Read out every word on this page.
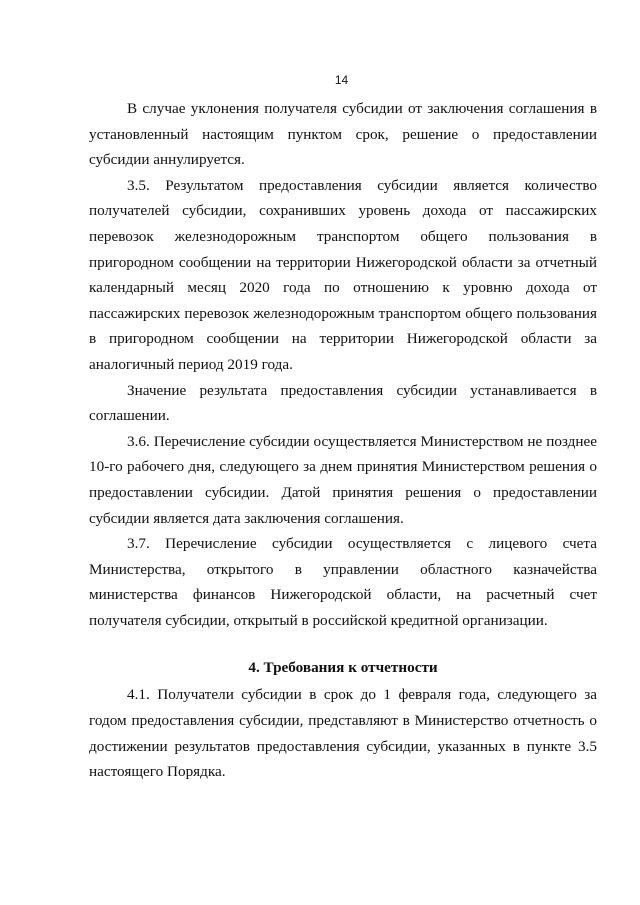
14

В случае уклонения получателя субсидии от заключения соглашения в установленный настоящим пунктом срок, решение о предоставлении субсидии аннулируется.

3.5. Результатом предоставления субсидии является количество получателей субсидии, сохранивших уровень дохода от пассажирских перевозок железнодорожным транспортом общего пользования в пригородном сообщении на территории Нижегородской области за отчетный календарный месяц 2020 года по отношению к уровню дохода от пассажирских перевозок железнодорожным транспортом общего пользования в пригородном сообщении на территории Нижегородской области за аналогичный период 2019 года.

Значение результата предоставления субсидии устанавливается в соглашении.

3.6. Перечисление субсидии осуществляется Министерством не позднее 10-го рабочего дня, следующего за днем принятия Министерством решения о предоставлении субсидии. Датой принятия решения о предоставлении субсидии является дата заключения соглашения.

3.7. Перечисление субсидии осуществляется с лицевого счета Министерства, открытого в управлении областного казначейства министерства финансов Нижегородской области, на расчетный счет получателя субсидии, открытый в российской кредитной организации.

4. Требования к отчетности

4.1. Получатели субсидии в срок до 1 февраля года, следующего за годом предоставления субсидии, представляют в Министерство отчетность о достижении результатов предоставления субсидии, указанных в пункте 3.5 настоящего Порядка.
